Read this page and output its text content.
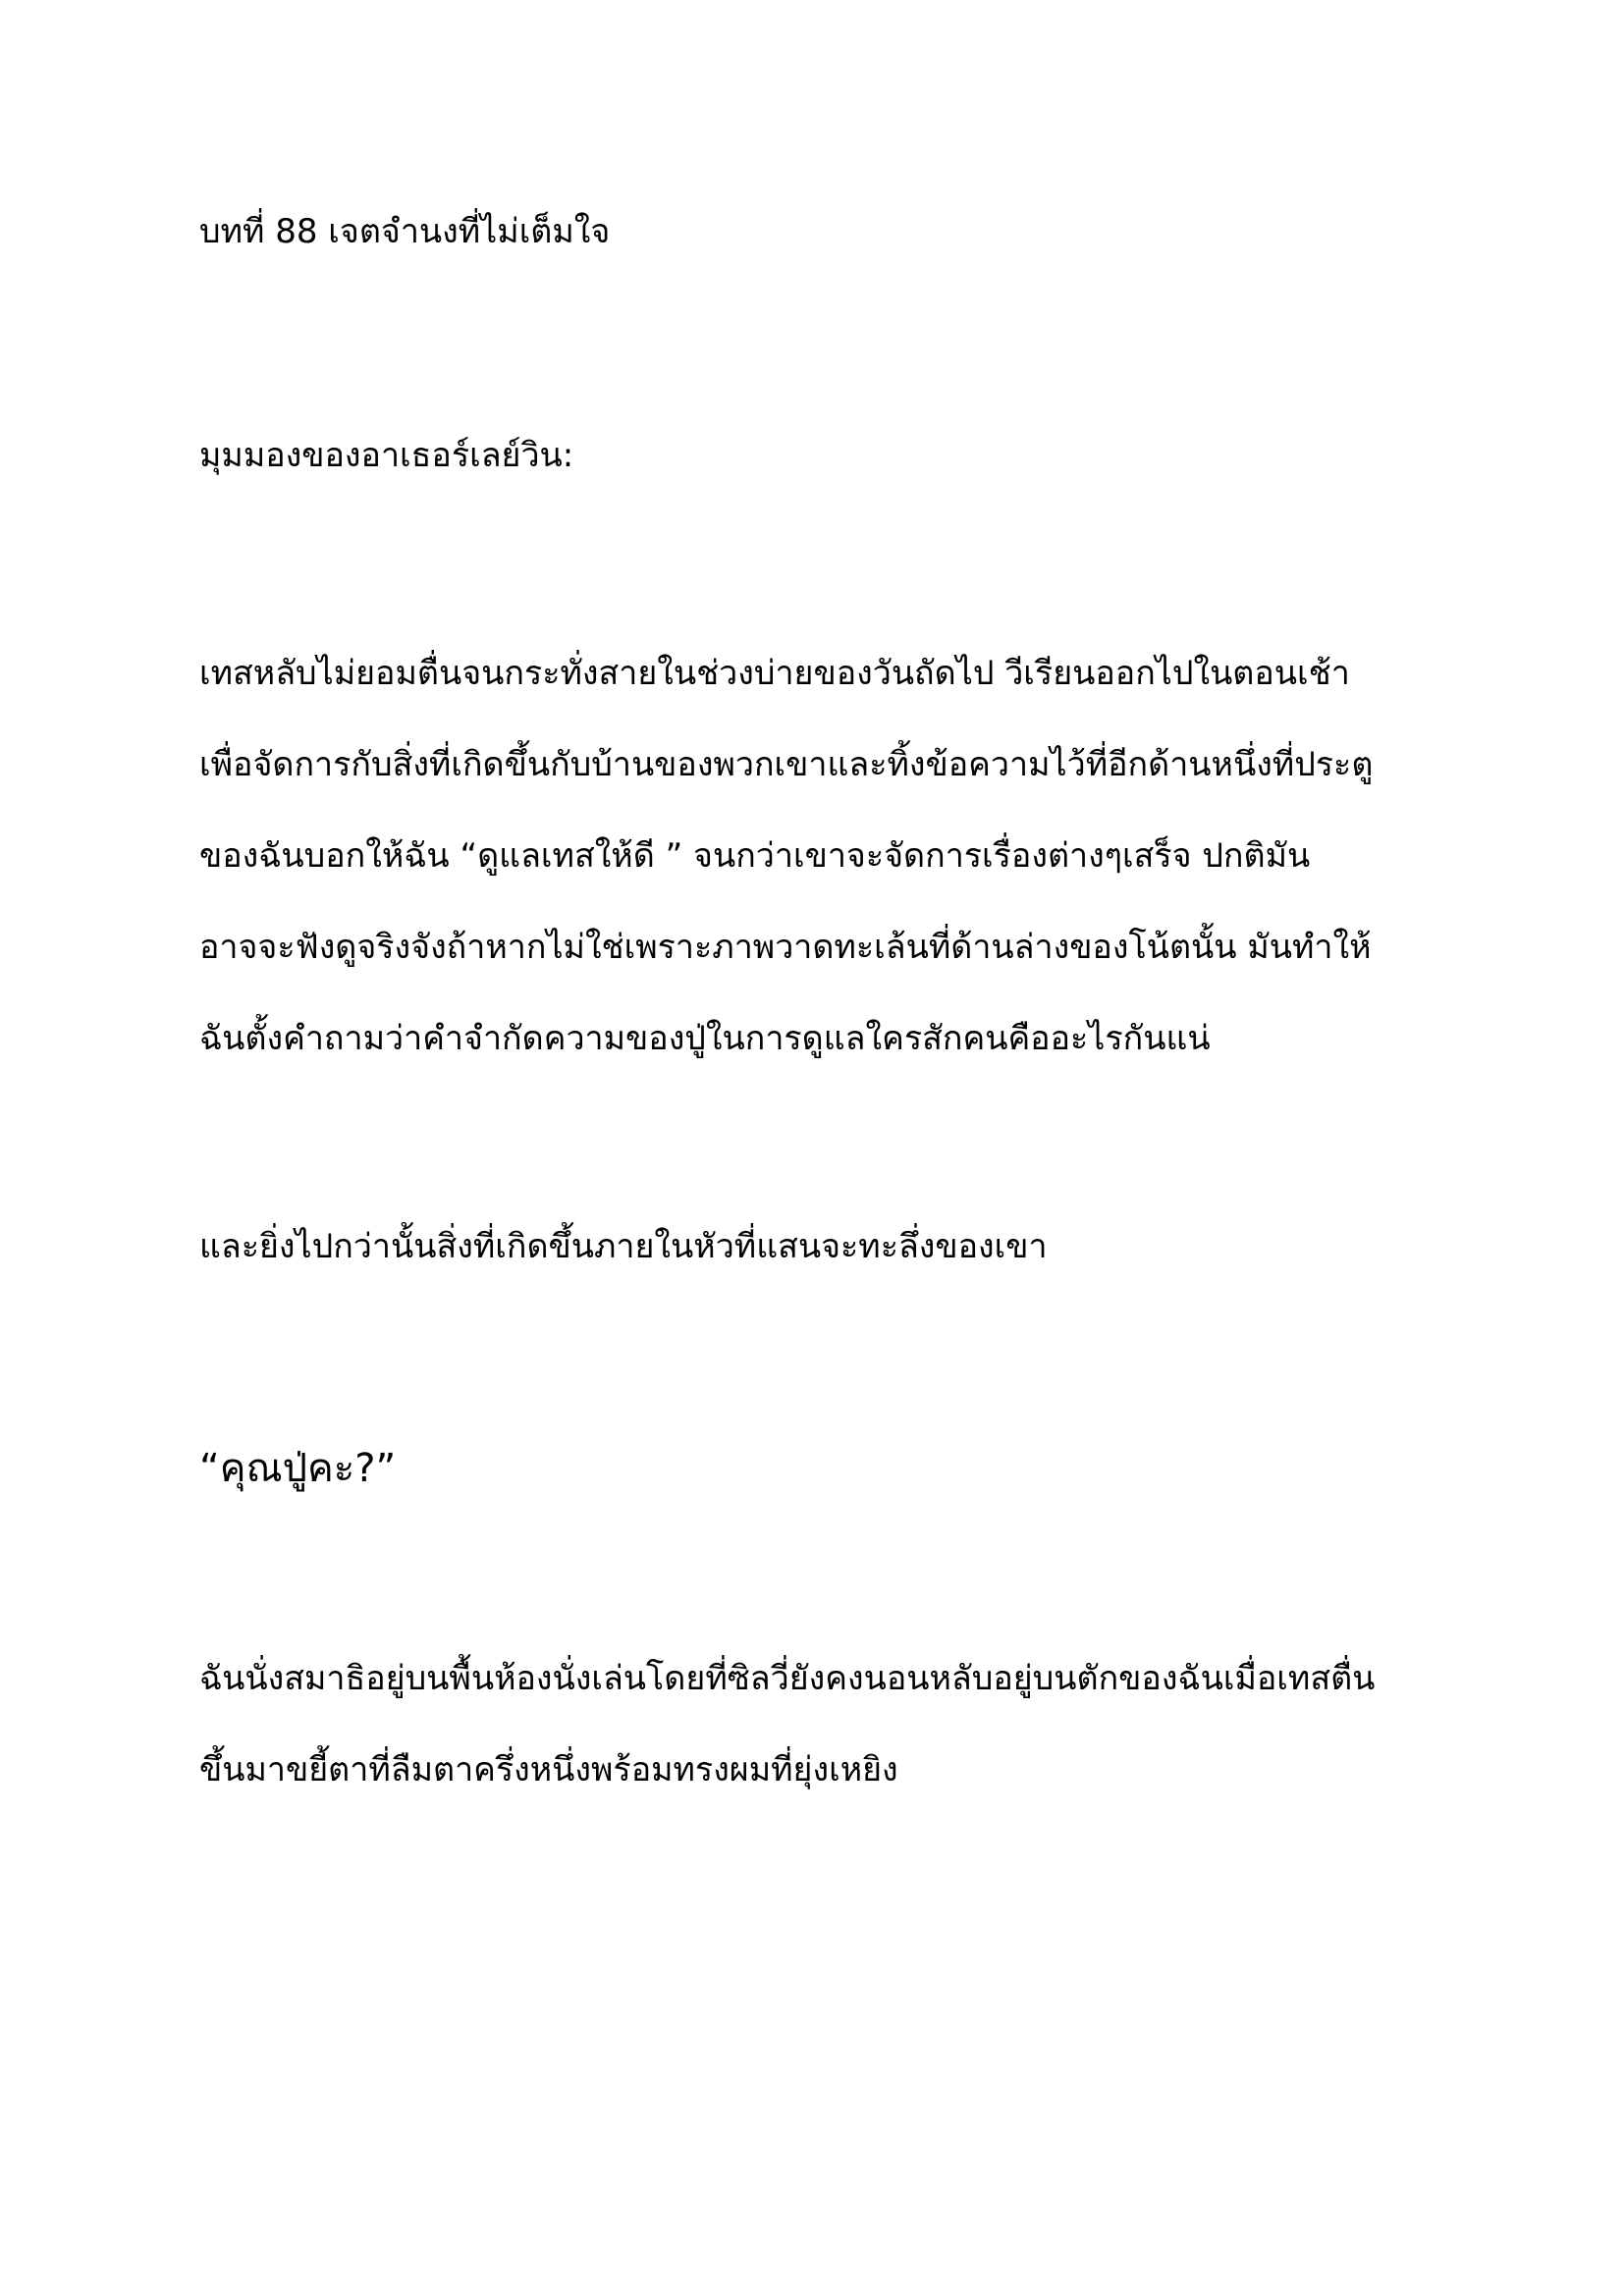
บทที่ 88 เจตจำนงที่ไม่เต็มใจ

มุมมองของอาเธอร์เลย์วิน:

เทสหลับไม่ยอมตื่นจนกระทั่งสายในช่วงบ่ายของวันถัดไป วีเรียนออกไปในตอนเช้า
เพื่อจัดการกับสิ่งที่เกิดขึ้นกับบ้านของพวกเขาและทิ้งข้อความไว้ที่อีกด้านหนึ่งที่ประตู
ของฉันบอกให้ฉัน “ดูแลเทสให้ดี ” จนกว่าเขาจะจัดการเรื่องต่างๆเสร็จ ปกติมัน
อาจจะฟังดูจริงจังถ้าหากไม่ใช่เพราะภาพวาดทะเล้นที่ด้านล่างของโน้ตนั้น มันทำให้
ฉันตั้งคำถามว่าคำจำกัดความของปู่ในการดูแลใครสักคนคืออะไรกันแน่

และยิ่งไปกว่านั้นสิ่งที่เกิดขึ้นภายในหัวที่แสนจะทะลึ่งของเขา

“คุณปู่คะ?”

ฉันนั่งสมาธิอยู่บนพื้นห้องนั่งเล่นโดยที่ซิลวี่ยังคงนอนหลับอยู่บนตักของฉันเมื่อเทสตื่น
ขึ้นมาขยี้ตาที่ลืมตาครึ่งหนึ่งพร้อมทรงผมที่ยุ่งเหยิง
